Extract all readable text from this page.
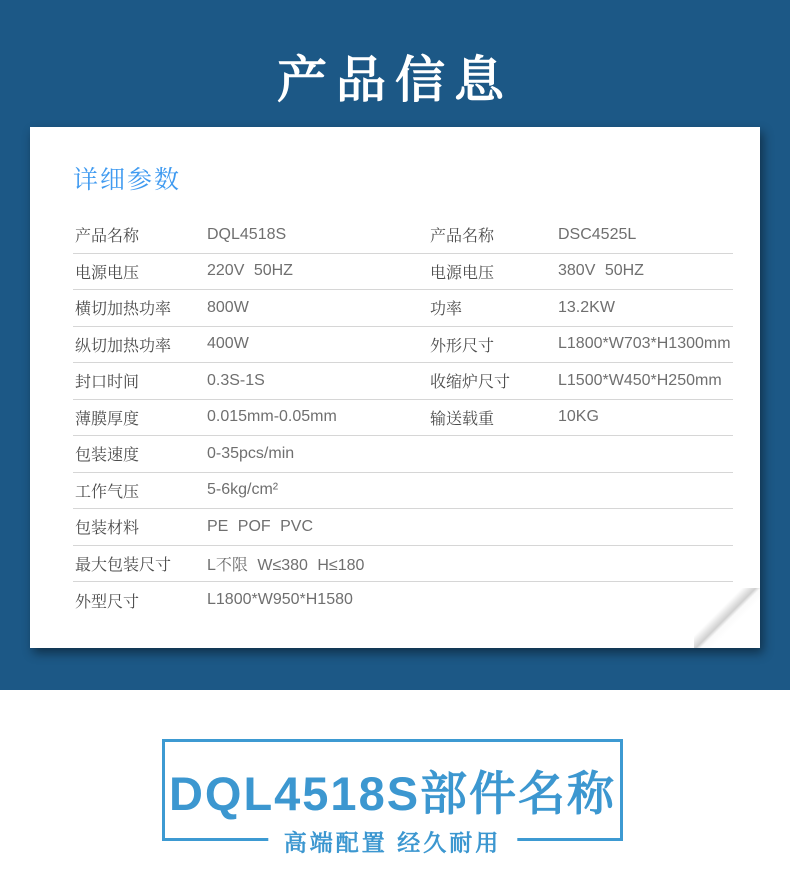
产品信息
详细参数
产品名称	DQL4518S	产品名称	DSC4525L
电源电压	220V 50HZ	电源电压	380V 50HZ
横切加热功率	800W	功率	13.2KW
纵切加热功率	400W	外形尺寸	L1800*W703*H1300mm
封口时间	0.3S-1S	收缩炉尺寸	L1500*W450*H250mm
薄膜厚度	0.015mm-0.05mm	输送载重	10KG
包装速度	0-35pcs/min
工作气压	5-6kg/cm²
包装材料	PE POF PVC
最大包装尺寸	L不限 W≤380 H≤180
外型尺寸	L1800*W950*H1580
DQL4518S部件名称
高端配置 经久耐用
